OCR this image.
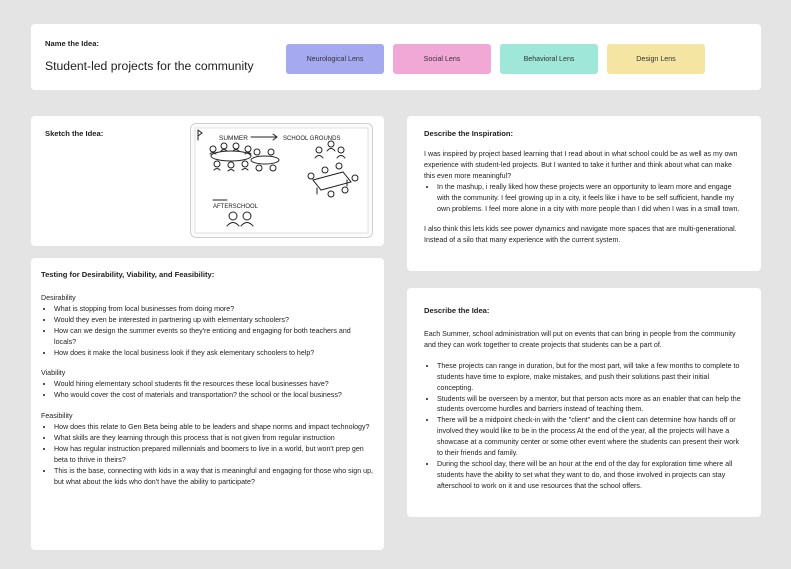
Name the Idea:
Student-led projects for the community	Neurological Lens	Social Lens	Behavioral Lens	Design Lens
Sketch the Idea:
SUMMER	SCHOOL GROUNDS
AFTERSCHOOL
Testing for Desirability, Viability, and Feasibility:

Desirability

• What is stopping from local businesses from doing more?
• Would they even be interested in partnering up with elementary schoolers?
• How can we design the summer events so they're enticing and engaging for both teachers and locals?
• How does it make the local business look if they ask elementary schoolers to help?

Viability

• Would hiring elementary school students fit the resources these local businesses have?
• Who would cover the cost of materials and transportation? the school or the local business?

Feasibility

• How does this relate to Gen Beta being able to be leaders and shape norms and impact technology?
• What skills are they learning through this process that is not given from regular instruction
• How has regular instruction prepared millennials and boomers to live in a world, but won't prep gen beta to thrive in theirs?
• This is the base, connecting with kids in a way that is meaningful and engaging for those who sign up, but what about the kids who don't have the ability to participate?
Describe the Inspiration:

I was inspired by project based learning that I read about in what school could be as well as my own experience with student-led projects. But I wanted to take it further and think about what can make this even more meaningful?

• In the mashup, i really liked how these projects were an opportunity to learn more and engage with the community. I feel growing up in a city, it feels like i have to be self sufficient, handle my own problems. I feel more alone in a city with more people than I did when I was in a small town.

I also think this lets kids see power dynamics and navigate more spaces that are multi-generational. Instead of a silo that many experience with the current system.

Describe the Idea:

Each Summer, school administration will put on events that can bring in people from the community and they can work together to create projects that students can be a part of.

• These projects can range in duration, but for the most part, will take a few months to complete to students have time to explore, make mistakes, and push their solutions past their initial concepting.
• Students will be overseen by a mentor, but that person acts more as an enabler that can help the students overcome hurdles and barriers instead of teaching them.
• There will be a midpoint check-in with the "client" and the client can determine how hands off or involved they would like to be in the process At the end of the year, all the projects will have a showcase at a community center or some other event where the students can present their work to their friends and family.
• During the school day, there will be an hour at the end of the day for exploration time where all students have the ability to set what they want to do, and those involved in projects can stay afterschool to work on it and use resources that the school offers.
